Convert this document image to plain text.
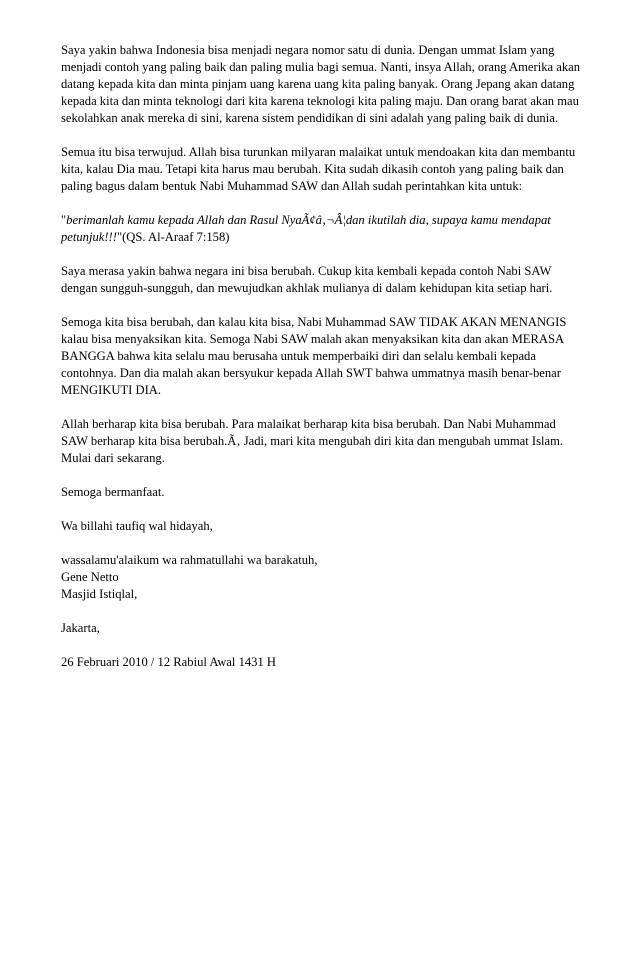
Saya yakin bahwa Indonesia bisa menjadi negara nomor satu di dunia. Dengan ummat Islam yang
menjadi contoh yang paling baik dan paling mulia bagi semua. Nanti, insya Allah, orang Amerika akan
datang kepada kita dan minta pinjam uang karena uang kita paling banyak. Orang Jepang akan datang
kepada kita dan minta teknologi dari kita karena teknologi kita paling maju. Dan orang barat akan mau
sekolahkan anak mereka di sini, karena sistem pendidikan di sini adalah yang paling baik di dunia.
Semua itu bisa terwujud. Allah bisa turunkan milyaran malaikat untuk mendoakan kita dan membantu
kita, kalau Dia mau. Tetapi kita harus mau berubah. Kita sudah dikasih contoh yang paling baik dan
paling bagus dalam bentuk Nabi Muhammad SAW dan Allah sudah perintahkan kita untuk:
"berimanlah kamu kepada Allah dan Rasul NyaÃ¢â‚¬Â¦dan ikutilah dia, supaya kamu mendapat
petunjuk!!!"(QS. Al-Araaf 7:158)
Saya merasa yakin bahwa negara ini bisa berubah. Cukup kita kembali kepada contoh Nabi SAW
dengan sungguh-sungguh, dan mewujudkan akhlak mulianya di dalam kehidupan kita setiap hari.
Semoga kita bisa berubah, dan kalau kita bisa, Nabi Muhammad SAW TIDAK AKAN MENANGIS
kalau bisa menyaksikan kita. Semoga Nabi SAW malah akan menyaksikan kita dan akan MERASA
BANGGA bahwa kita selalu mau berusaha untuk memperbaiki diri dan selalu kembali kepada
contohnya. Dan dia malah akan bersyukur kepada Allah SWT bahwa ummatnya masih benar-benar
MENGIKUTI DIA.
Allah berharap kita bisa berubah. Para malaikat berharap kita bisa berubah. Dan Nabi Muhammad
SAW berharap kita bisa berubah.Ã‚ Jadi, mari kita mengubah diri kita dan mengubah ummat Islam.
Mulai dari sekarang.
Semoga bermanfaat.
Wa billahi taufiq wal hidayah,
wassalamu'alaikum wa rahmatullahi wa barakatuh,
Gene Netto
Masjid Istiqlal,
Jakarta,
26 Februari 2010 / 12 Rabiul Awal 1431 H
